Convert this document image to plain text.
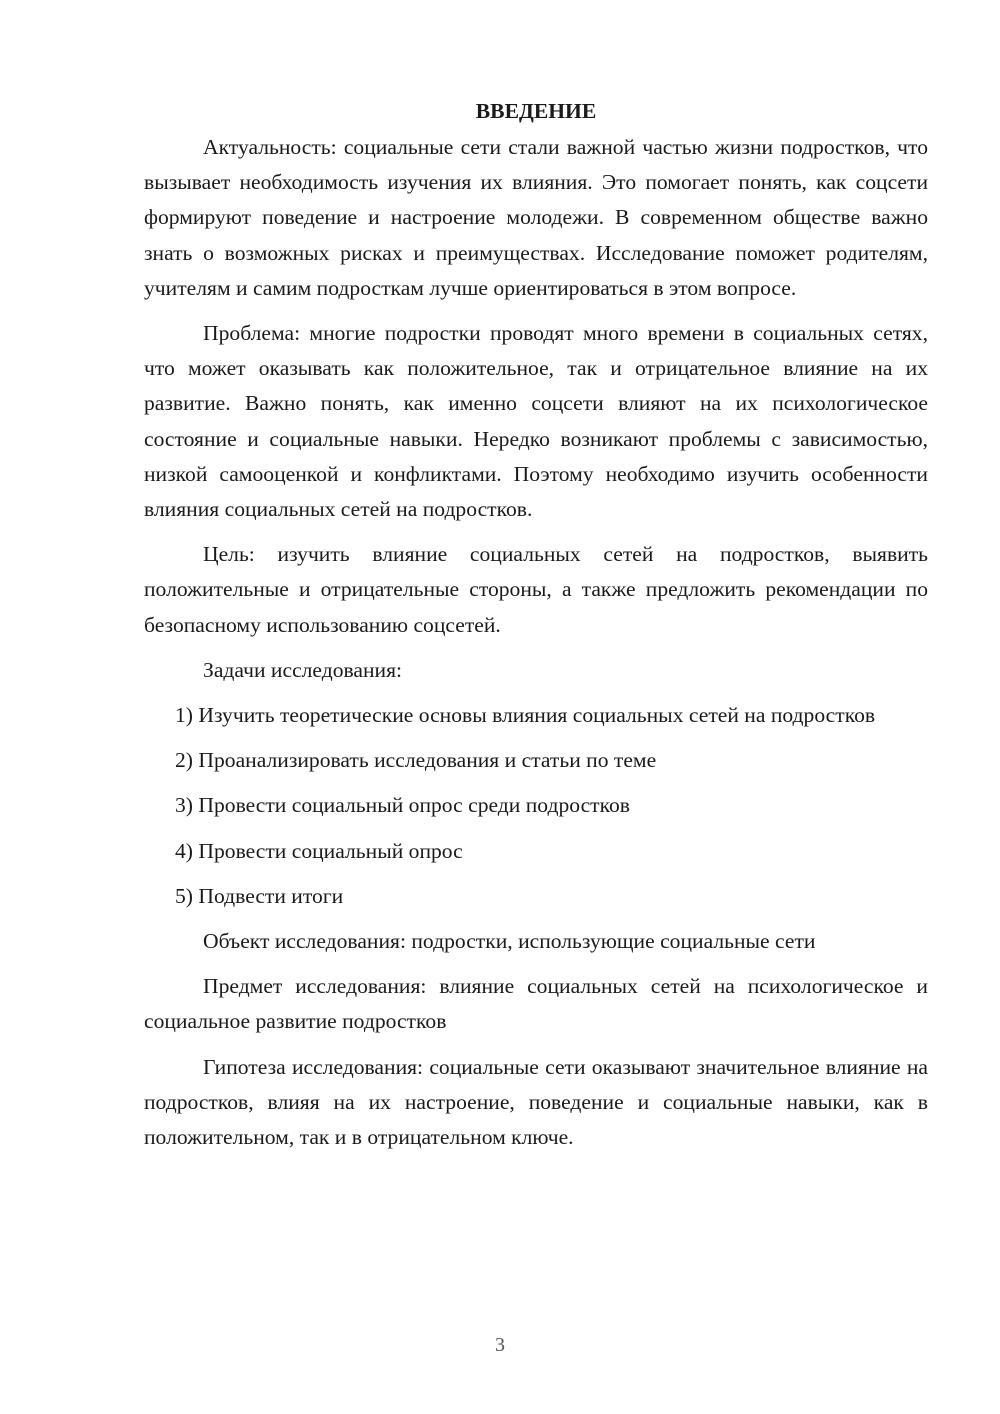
ВВЕДЕНИЕ

Актуальность: социальные сети стали важной частью жизни подростков, что вызывает необходимость изучения их влияния. Это помогает понять, как соцсети формируют поведение и настроение молодежи. В современном обществе важно знать о возможных рисках и преимуществах. Исследование поможет родителям, учителям и самим подросткам лучше ориентироваться в этом вопросе.

Проблема: многие подростки проводят много времени в социальных сетях, что может оказывать как положительное, так и отрицательное влияние на их развитие. Важно понять, как именно соцсети влияют на их психологическое состояние и социальные навыки. Нередко возникают проблемы с зависимостью, низкой самооценкой и конфликтами. Поэтому необходимо изучить особенности влияния социальных сетей на подростков.

Цель: изучить влияние социальных сетей на подростков, выявить положительные и отрицательные стороны, а также предложить рекомендации по безопасному использованию соцсетей.

Задачи исследования:

1) Изучить теоретические основы влияния социальных сетей на подростков

2) Проанализировать исследования и статьи по теме

3) Провести социальный опрос среди подростков

4) Провести социальный опрос

5) Подвести итоги

Объект исследования: подростки, использующие социальные сети

Предмет исследования: влияние социальных сетей на психологическое и социальное развитие подростков

Гипотеза исследования: социальные сети оказывают значительное влияние на подростков, влияя на их настроение, поведение и социальные навыки, как в положительном, так и в отрицательном ключе.

3
